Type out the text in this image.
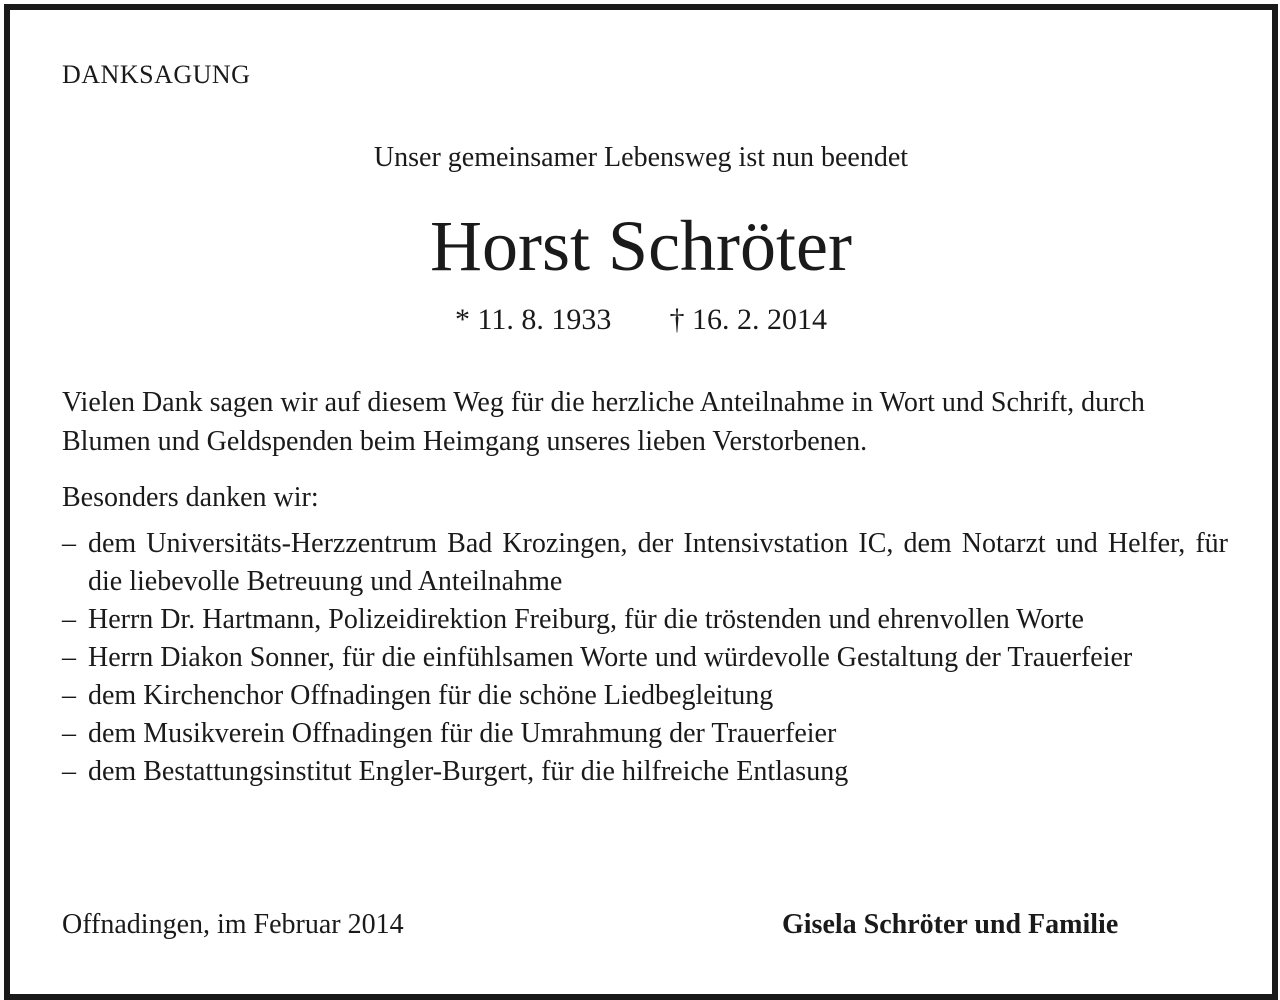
DANKSAGUNG
Unser gemeinsamer Lebensweg ist nun beendet
Horst Schröter
* 11. 8. 1933 † 16. 2. 2014
Vielen Dank sagen wir auf diesem Weg für die herzliche Anteilnahme in Wort und Schrift, durch Blumen und Geldspenden beim Heimgang unseres lieben Verstorbenen.
Besonders danken wir:
– dem Universitäts-Herzzentrum Bad Krozingen, der Intensivstation IC, dem Notarzt und Helfer, für die liebevolle Betreuung und Anteilnahme
– Herrn Dr. Hartmann, Polizeidirektion Freiburg, für die tröstenden und ehrenvollen Worte
– Herrn Diakon Sonner, für die einfühlsamen Worte und würdevolle Gestaltung der Trauerfeier
– dem Kirchenchor Offnadingen für die schöne Liedbegleitung
– dem Musikverein Offnadingen für die Umrahmung der Trauerfeier
– dem Bestattungsinstitut Engler-Burgert, für die hilfreiche Entlasung
Offnadingen, im Februar 2014	Gisela Schröter und Familie
